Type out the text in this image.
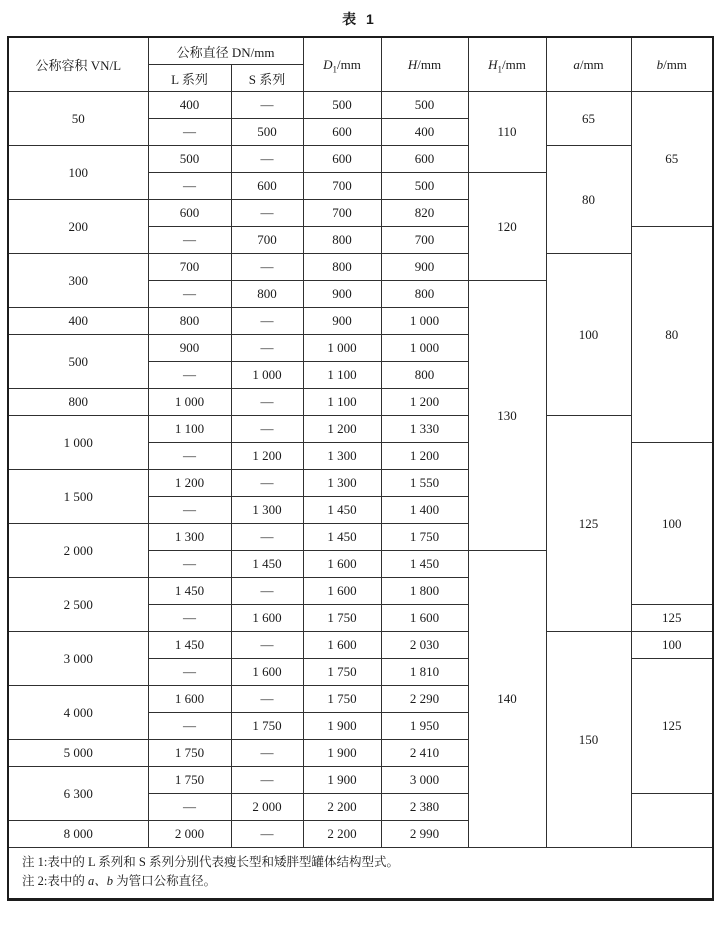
表 1
公称容积 VN/L	公称直径 DN/mm		$D_1/mm$	H/mm	$H_1/mm$	a/mm	b/mm
	L 系列	S 系列					
50	400	—	500	500	110	65	65
	—	500	600	400			
100	500	—	600	600		80	
	—	600	700	500	120		
200	600	—	700	820			
	—	700	800	700			80
300	700	—	800	900		100	
	—	800	900	800	130		
400	800	—	900	1 000			
500	900	—	1 000	1 000			
	—	1 000	1 100	800			
800	1 000	—	1 100	1 200			
1 000	1 100	—	1 200	1 330		125	
	—	1 200	1 300	1 200			100
1 500	1 200	—	1 300	1 550			
	—	1 300	1 450	1 400			
2 000	1 300	—	1 450	1 750			
	—	1 450	1 600	1 450	140		
2 500	1 450	—	1 600	1 800			
	—	1 600	1 750	1 600			125
3 000	1 450	—	1 600	2 030		150	100
	—	1 600	1 750	1 810			125
4 000	1 600	—	1 750	2 290			
	—	1 750	1 900	1 950			
5 000	1 750	—	1 900	2 410			
6 300	1 750	—	1 900	3 000			
	—	2 000	2 200	2 380			
8 000	2 000	—	2 200	2 990			

注 1:表中的 L 系列和 S 系列分别代表瘦长型和矮胖型罐体结构型式。
注 2:表中的 a、b 为管口公称直径。							
